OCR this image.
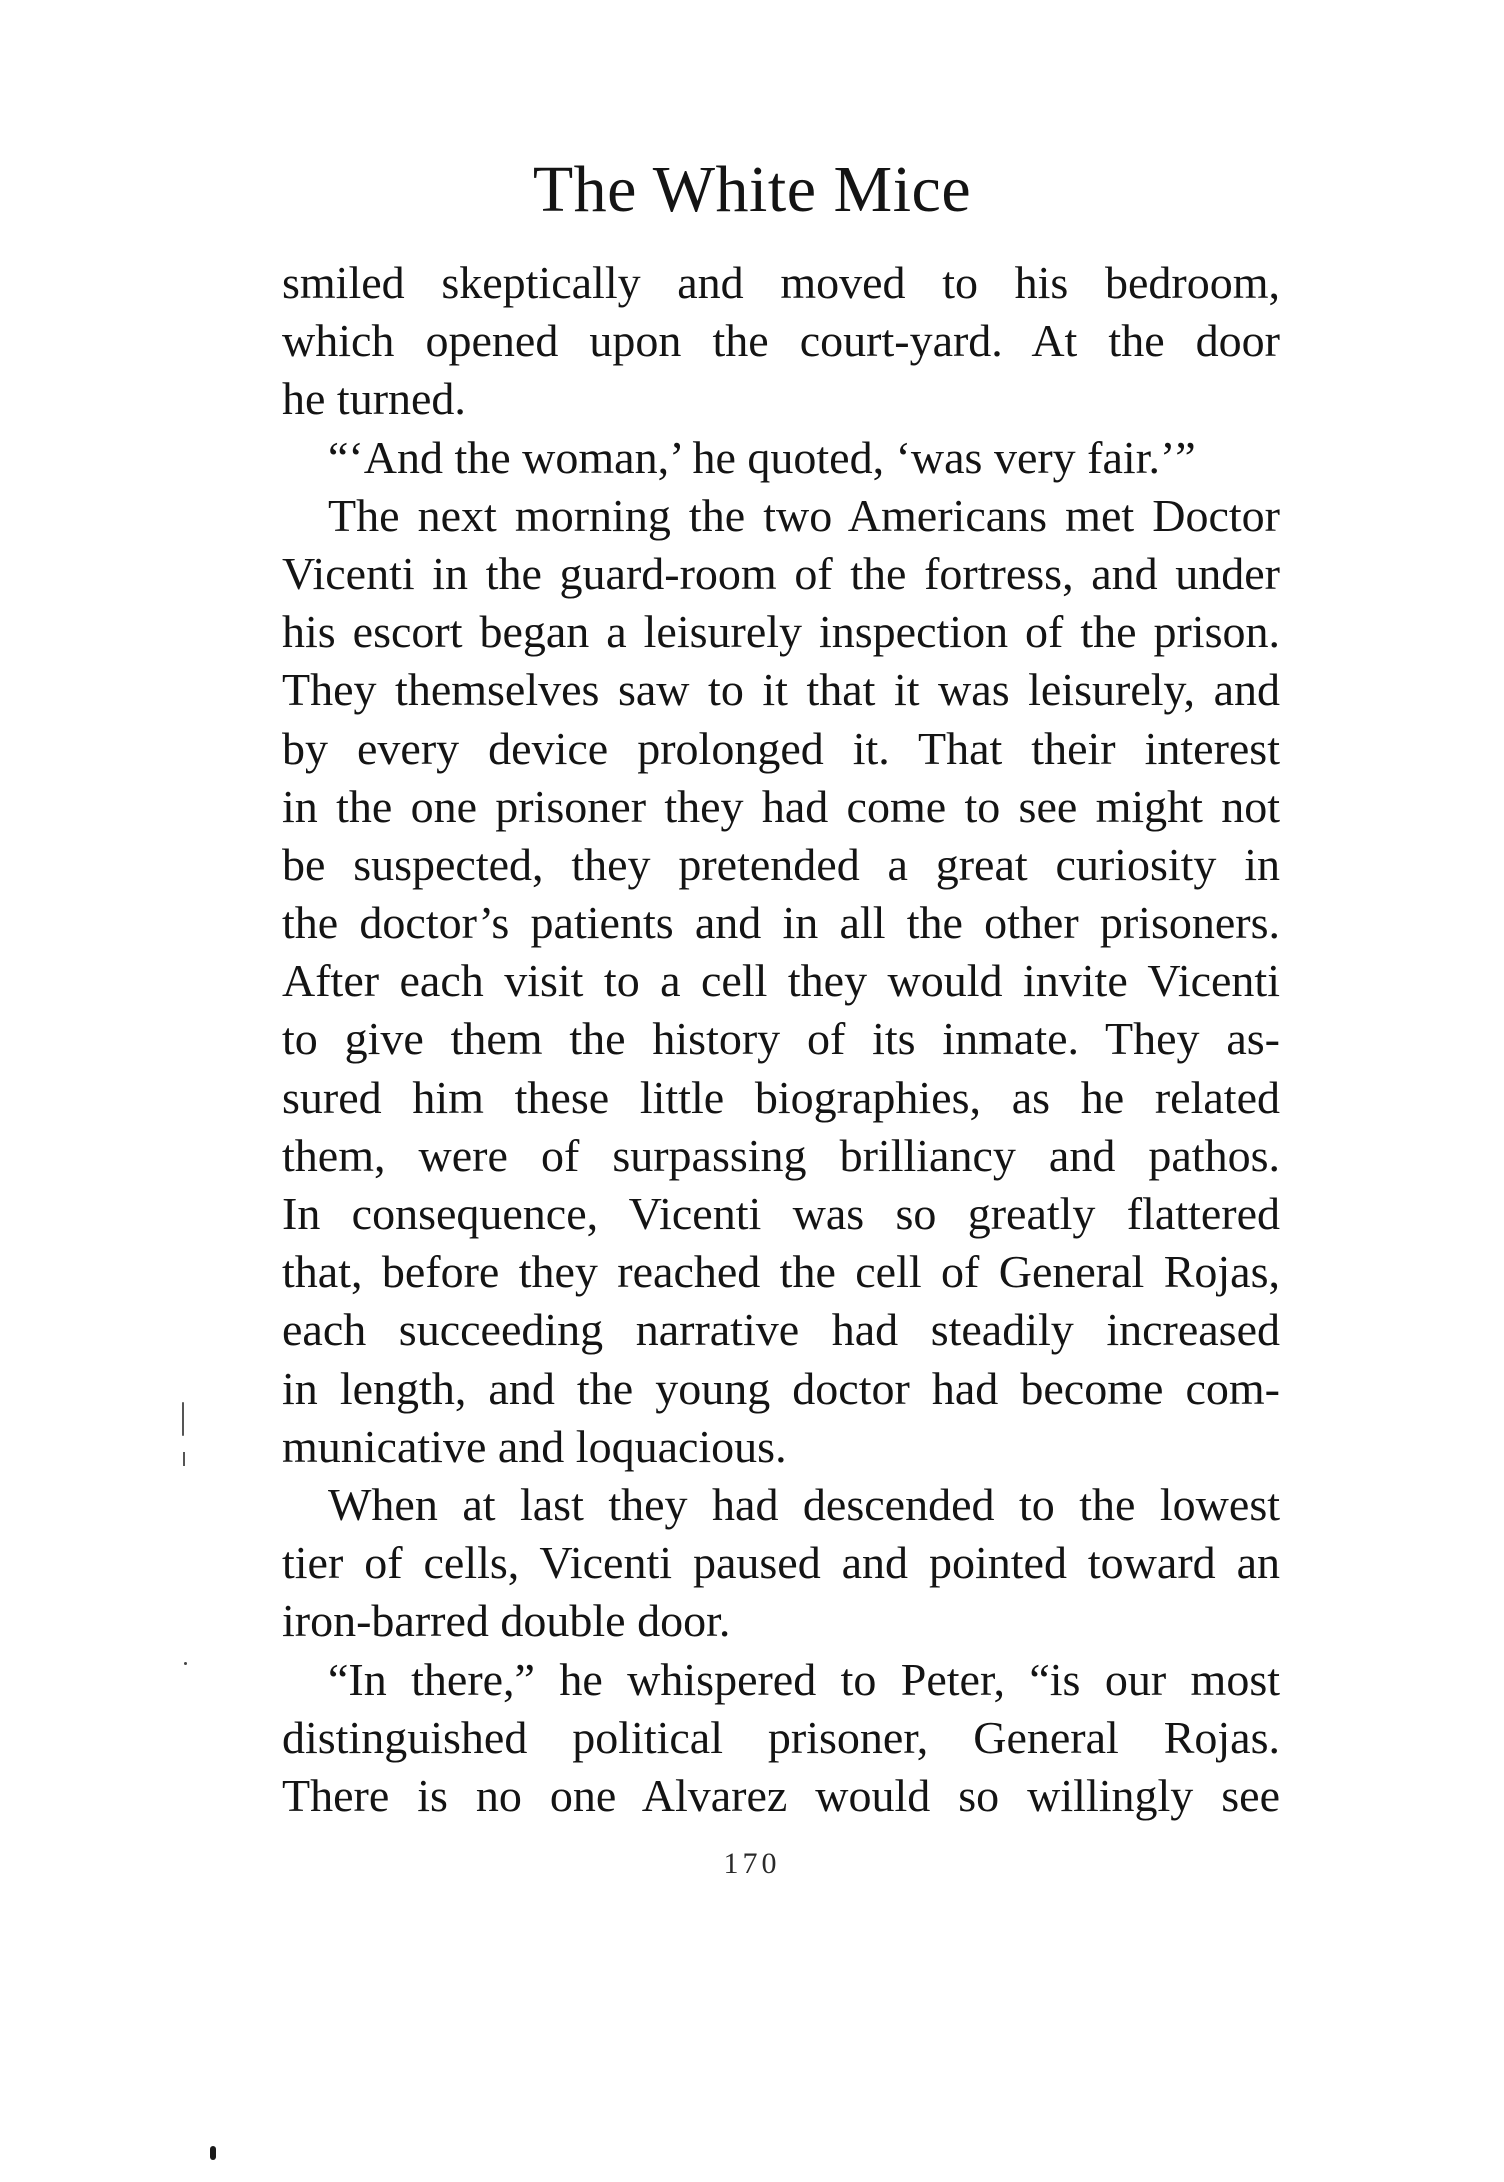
The White Mice
smiled skeptically and moved to his bedroom,
which opened upon the court-yard. At the door
he turned.
“‘And the woman,’ he quoted, ‘was very fair.’”
The next morning the two Americans met Doctor
Vicenti in the guard-room of the fortress, and under
his escort began a leisurely inspection of the prison.
They themselves saw to it that it was leisurely, and
by every device prolonged it. That their interest
in the one prisoner they had come to see might not
be suspected, they pretended a great curiosity in
the doctor’s patients and in all the other prisoners.
After each visit to a cell they would invite Vicenti
to give them the history of its inmate. They as-
sured him these little biographies, as he related
them, were of surpassing brilliancy and pathos.
In consequence, Vicenti was so greatly flattered
that, before they reached the cell of General Rojas,
each succeeding narrative had steadily increased
in length, and the young doctor had become com-
municative and loquacious.
When at last they had descended to the lowest
tier of cells, Vicenti paused and pointed toward an
iron-barred double door.
“In there,” he whispered to Peter, “is our most
distinguished political prisoner, General Rojas.
There is no one Alvarez would so willingly see
170
